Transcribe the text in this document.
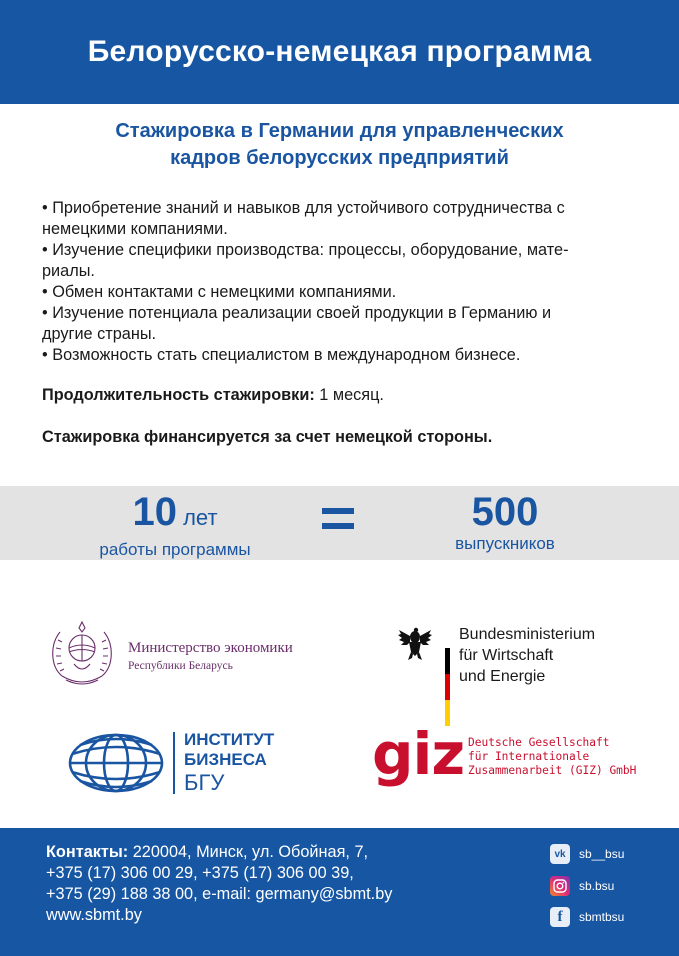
Белорусско-немецкая программа
Стажировка в Германии для управленческих
кадров белорусских предприятий
• Приобретение знаний и навыков для устойчивого сотрудничества с
немецкими компаниями.
• Изучение специфики производства: процессы, оборудование, мате-
риалы.
• Обмен контактами с немецкими компаниями.
• Изучение потенциала реализации своей продукции в Германию и
другие страны.
• Возможность стать специалистом в международном бизнесе.
Продолжительность стажировки: 1 месяц.
Стажировка финансируется за счет немецкой стороны.
10 лет
работы программы
500
выпускников
Министерство экономики
Республики Беларусь
Bundesministerium
für Wirtschaft
und Energie
ИНСТИТУТ
БИЗНЕСА
БГУ	giz Deutsche Gesellschaft
für Internationale
Zusammenarbeit (GIZ) GmbH
Контакты: 220004, Минск, ул. Обойная, 7,
+375 (17) 306 00 29, +375 (17) 306 00 39,
+375 (29) 188 38 00, e-mail: germany@sbmt.by
www.sbmt.by
vk	sb__bsu
sb.bsu
f	sbmtbsu
